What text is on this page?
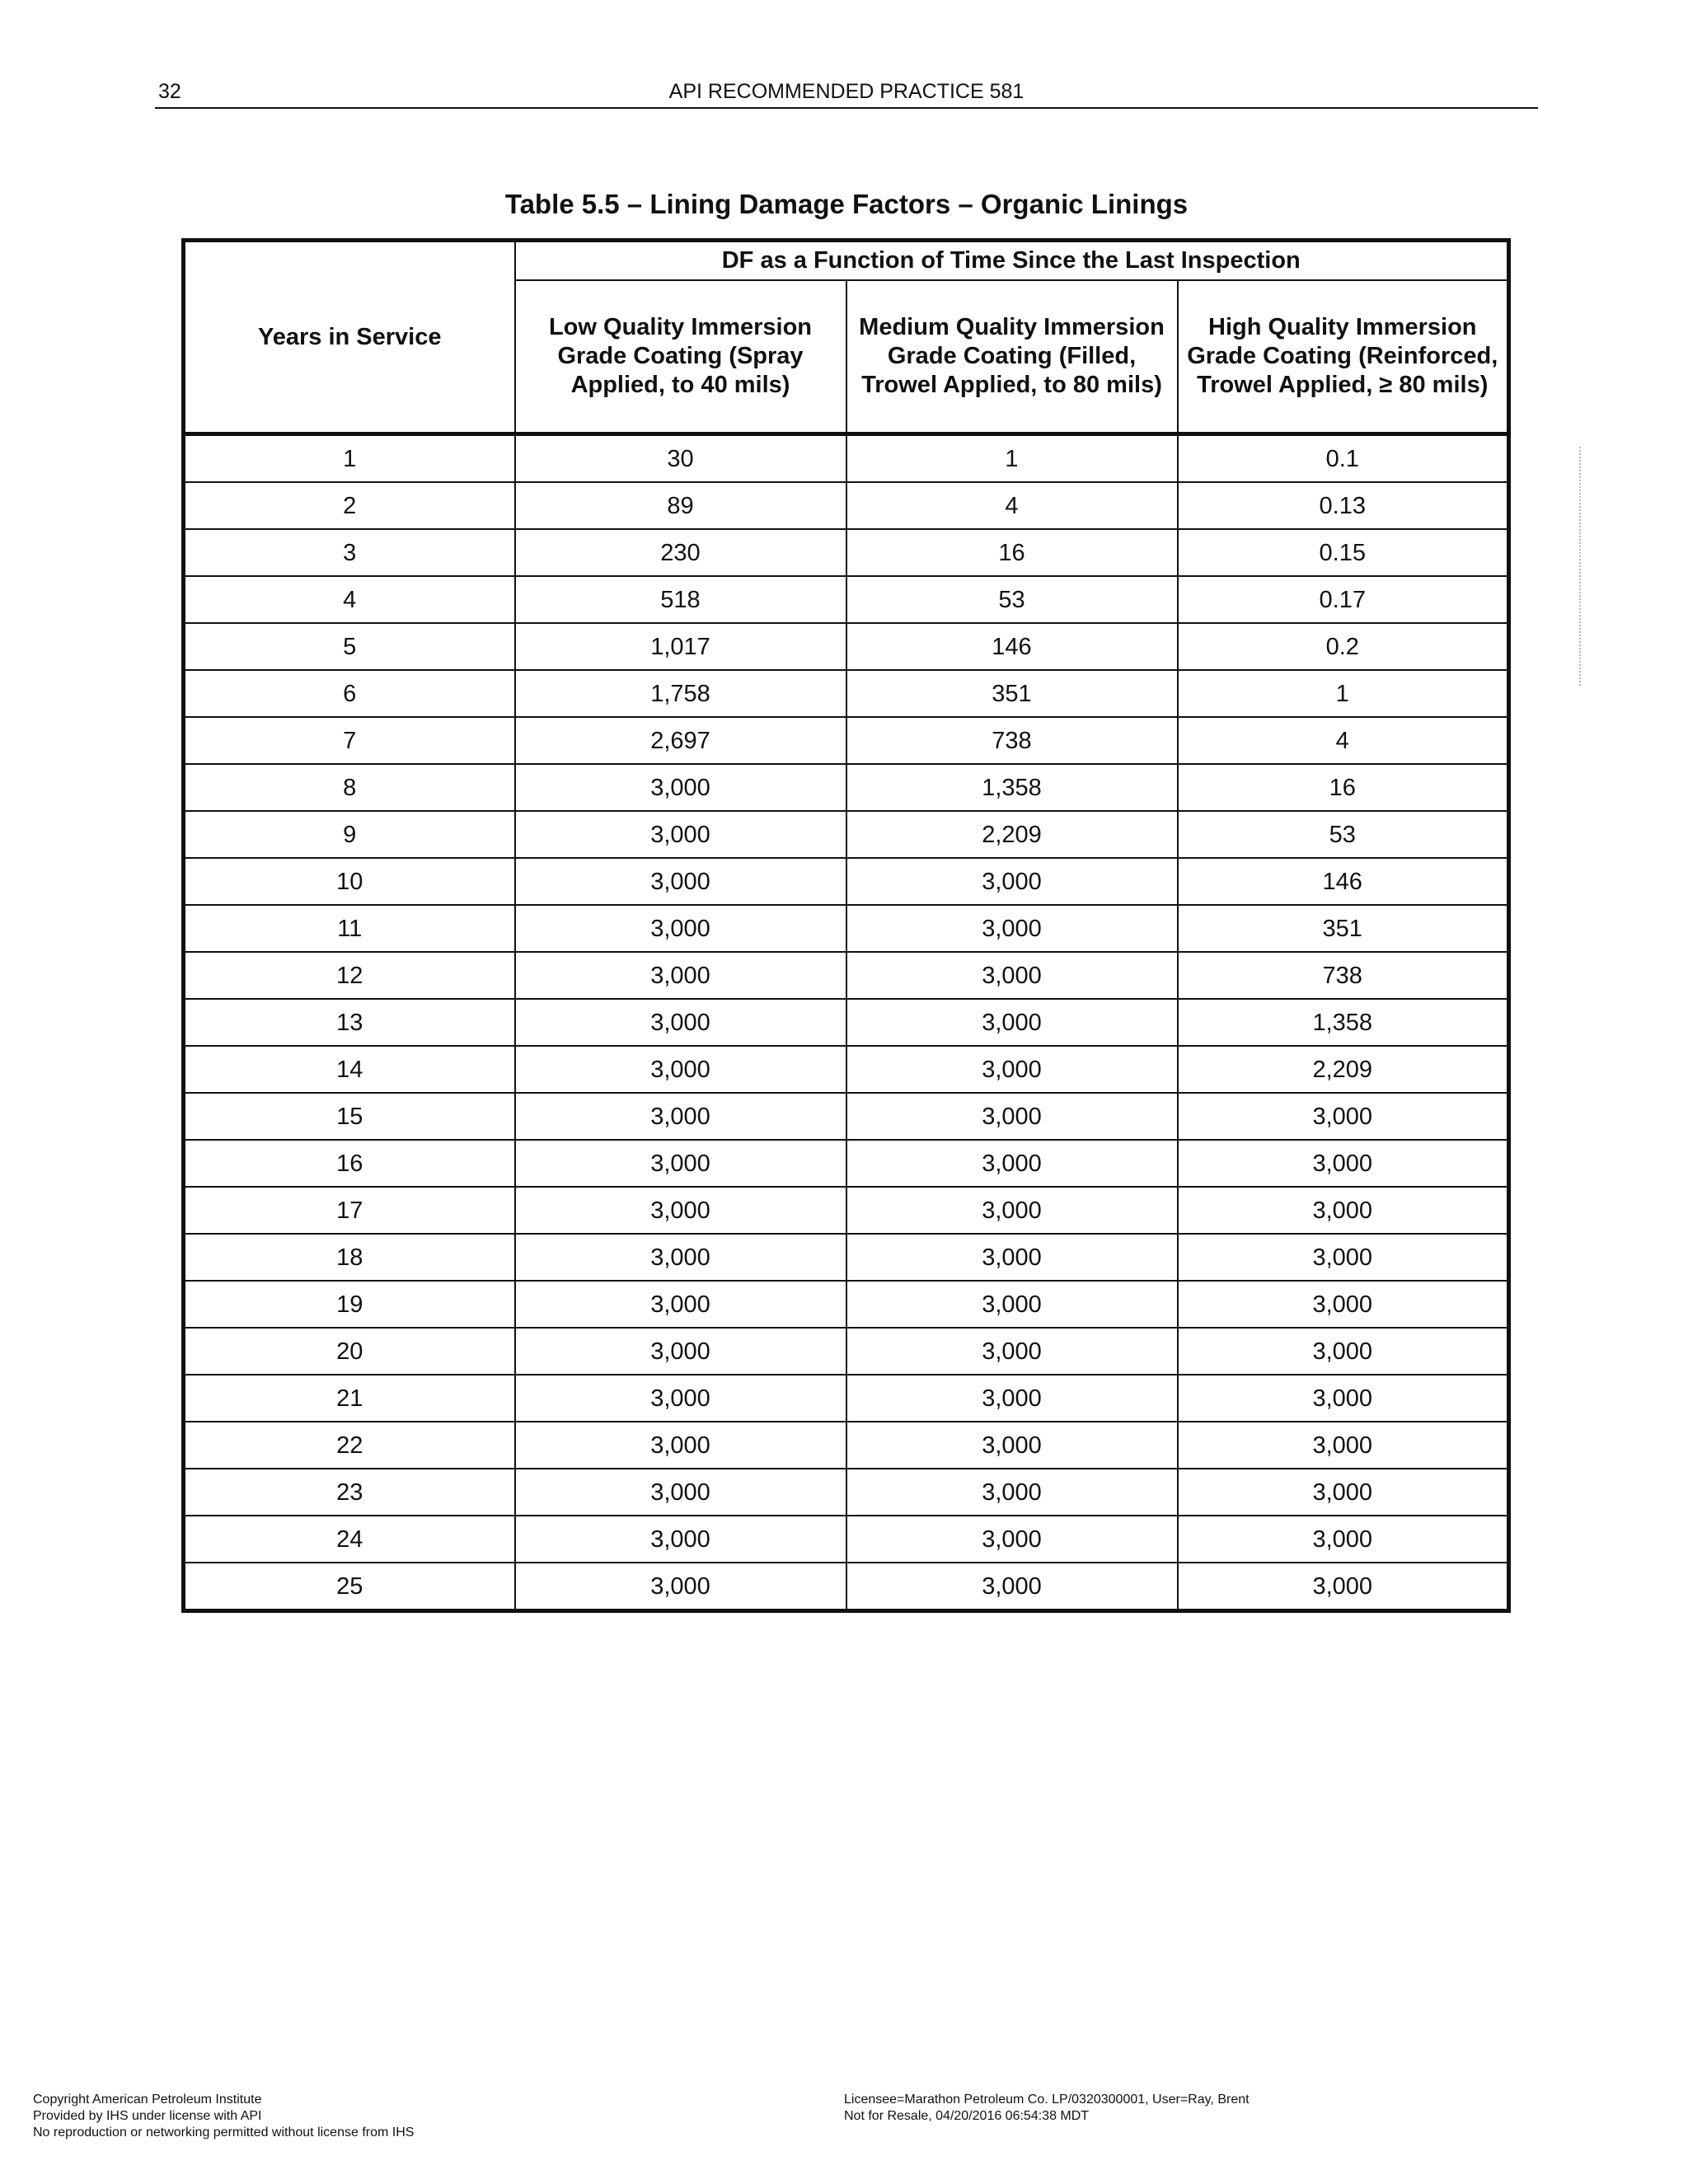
32	API RECOMMENDED PRACTICE 581
Table 5.5 – Lining Damage Factors – Organic Linings
Years in Service	DF as a Function of Time Since the Last Inspection		
	Low Quality Immersion Grade Coating (Spray Applied, to 40 mils)	Medium Quality Immersion Grade Coating (Filled, Trowel Applied, to 80 mils)	High Quality Immersion Grade Coating (Reinforced, Trowel Applied, ≥ 80 mils)
1	30	1	0.1
2	89	4	0.13
3	230	16	0.15
4	518	53	0.17
5	1,017	146	0.2
6	1,758	351	1
7	2,697	738	4
8	3,000	1,358	16
9	3,000	2,209	53
10	3,000	3,000	146
11	3,000	3,000	351
12	3,000	3,000	738
13	3,000	3,000	1,358
14	3,000	3,000	2,209
15	3,000	3,000	3,000
16	3,000	3,000	3,000
17	3,000	3,000	3,000
18	3,000	3,000	3,000
19	3,000	3,000	3,000
20	3,000	3,000	3,000
21	3,000	3,000	3,000
22	3,000	3,000	3,000
23	3,000	3,000	3,000
24	3,000	3,000	3,000
25	3,000	3,000	3,000
Copyright American Petroleum Institute
Provided by IHS under license with API
No reproduction or networking permitted without license from IHS
Licensee=Marathon Petroleum Co. LP/0320300001, User=Ray, Brent
Not for Resale, 04/20/2016 06:54:38 MDT
